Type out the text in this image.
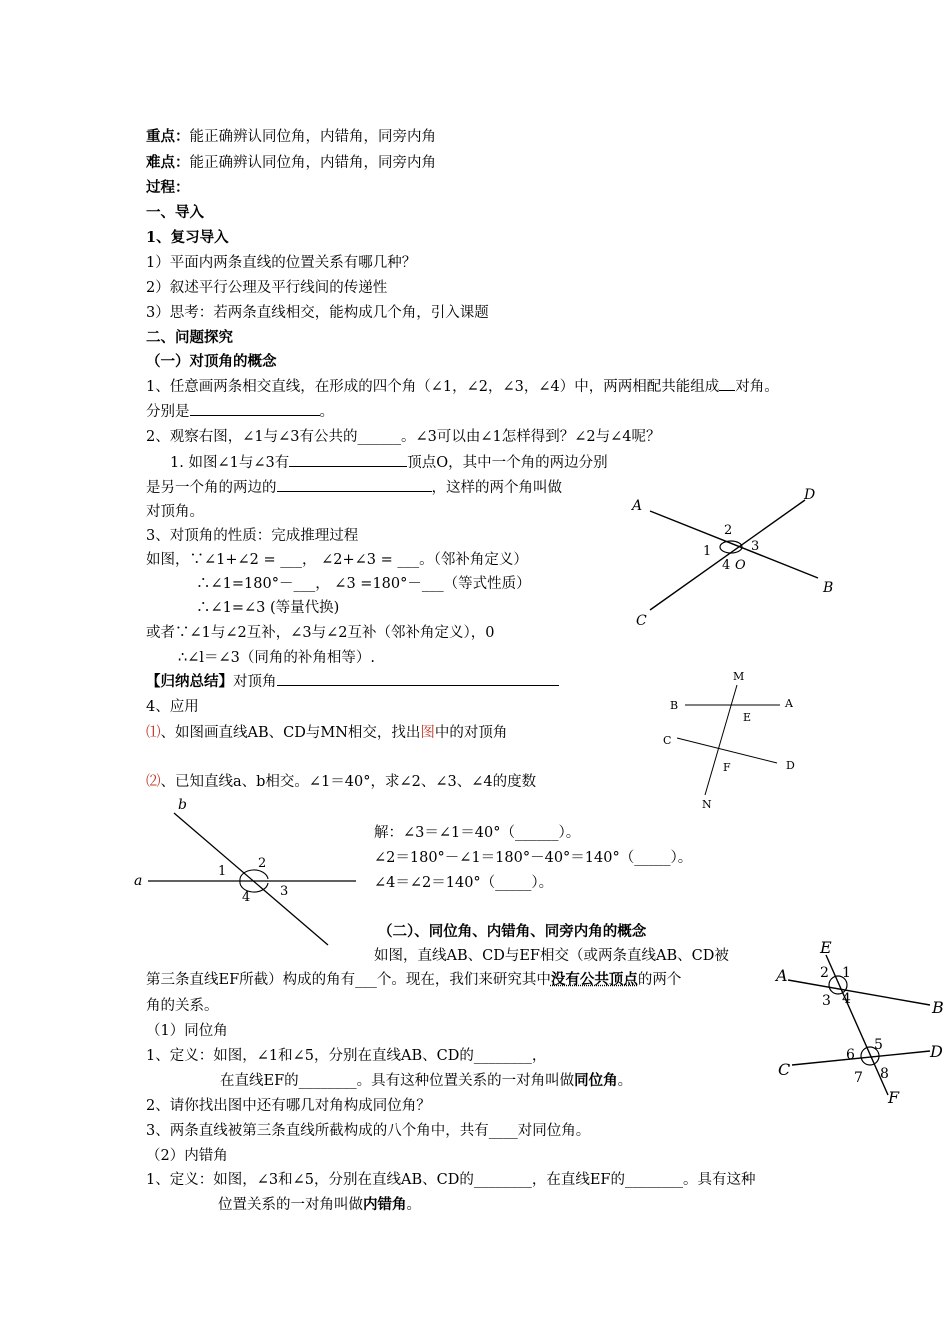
重点：能正确辨认同位角，内错角，同旁内角
难点：能正确辨认同位角，内错角，同旁内角
过程：
一、导入
1、复习导入
1）平面内两条直线的位置关系有哪几种？
2）叙述平行公理及平行线间的传递性
3）思考：若两条直线相交，能构成几个角，引入课题
二、问题探究
（一）对顶角的概念
1、任意画两条相交直线，在形成的四个角（∠1，∠2，∠3，∠4）中，两两相配共能组成 对角。
分别是	。
2、观察右图，∠1与∠3有公共的______。∠3可以由∠1怎样得到？∠2与∠4呢？
1. 如图∠1与∠3有	顶点O，其中一个角的两边分别
是另一个角的两边的	，这样的两个角叫做
对顶角。
3、对顶角的性质：完成推理过程
如图，∵∠1+∠2 = ___， ∠2+∠3 = ___。（邻补角定义）
∴∠1=180°－___， ∠3 =180°－___（等式性质）
∴∠1=∠3 (等量代换)
或者∵∠1与∠2互补，∠3与∠2互补（邻补角定义），0
∴∠l＝∠3（同角的补角相等）.
【归纳总结】对顶角
4、应用
⑴、如图画直线AB、CD与MN相交，找出图中的对顶角
⑵、已知直线a、b相交。∠1＝40°，求∠2、∠3、∠4的度数
解：∠3＝∠1＝40°（______）。
∠2＝180°－∠1＝180°－40°＝140°（_____）。
∠4＝∠2＝140°（_____）。
（二）、同位角、内错角、同旁内角的概念
如图，直线AB、CD与EF相交（或两条直线AB、CD被
第三条直线EF所截）构成的角有___个。现在，我们来研究其中没有公共顶点的两个
角的关系。
（1）同位角
1、定义：如图，∠1和∠5，分别在直线AB、CD的________，
在直线EF的________。具有这种位置关系的一对角叫做同位角。
2、请你找出图中还有哪几对角构成同位角？
3、两条直线被第三条直线所截构成的八个角中，共有____对同位角。
（2）内错角
1、定义：如图，∠3和∠5，分别在直线AB、CD的________，在直线EF的________。具有这种
位置关系的一对角叫做内错角。
A
B
C
D
O
1
2
3
4
M
N
B	A
C
D
E
F
a
b
1
2
3
4
A
B
C
D
E
F
1
2
3 4
5
6
7 8
